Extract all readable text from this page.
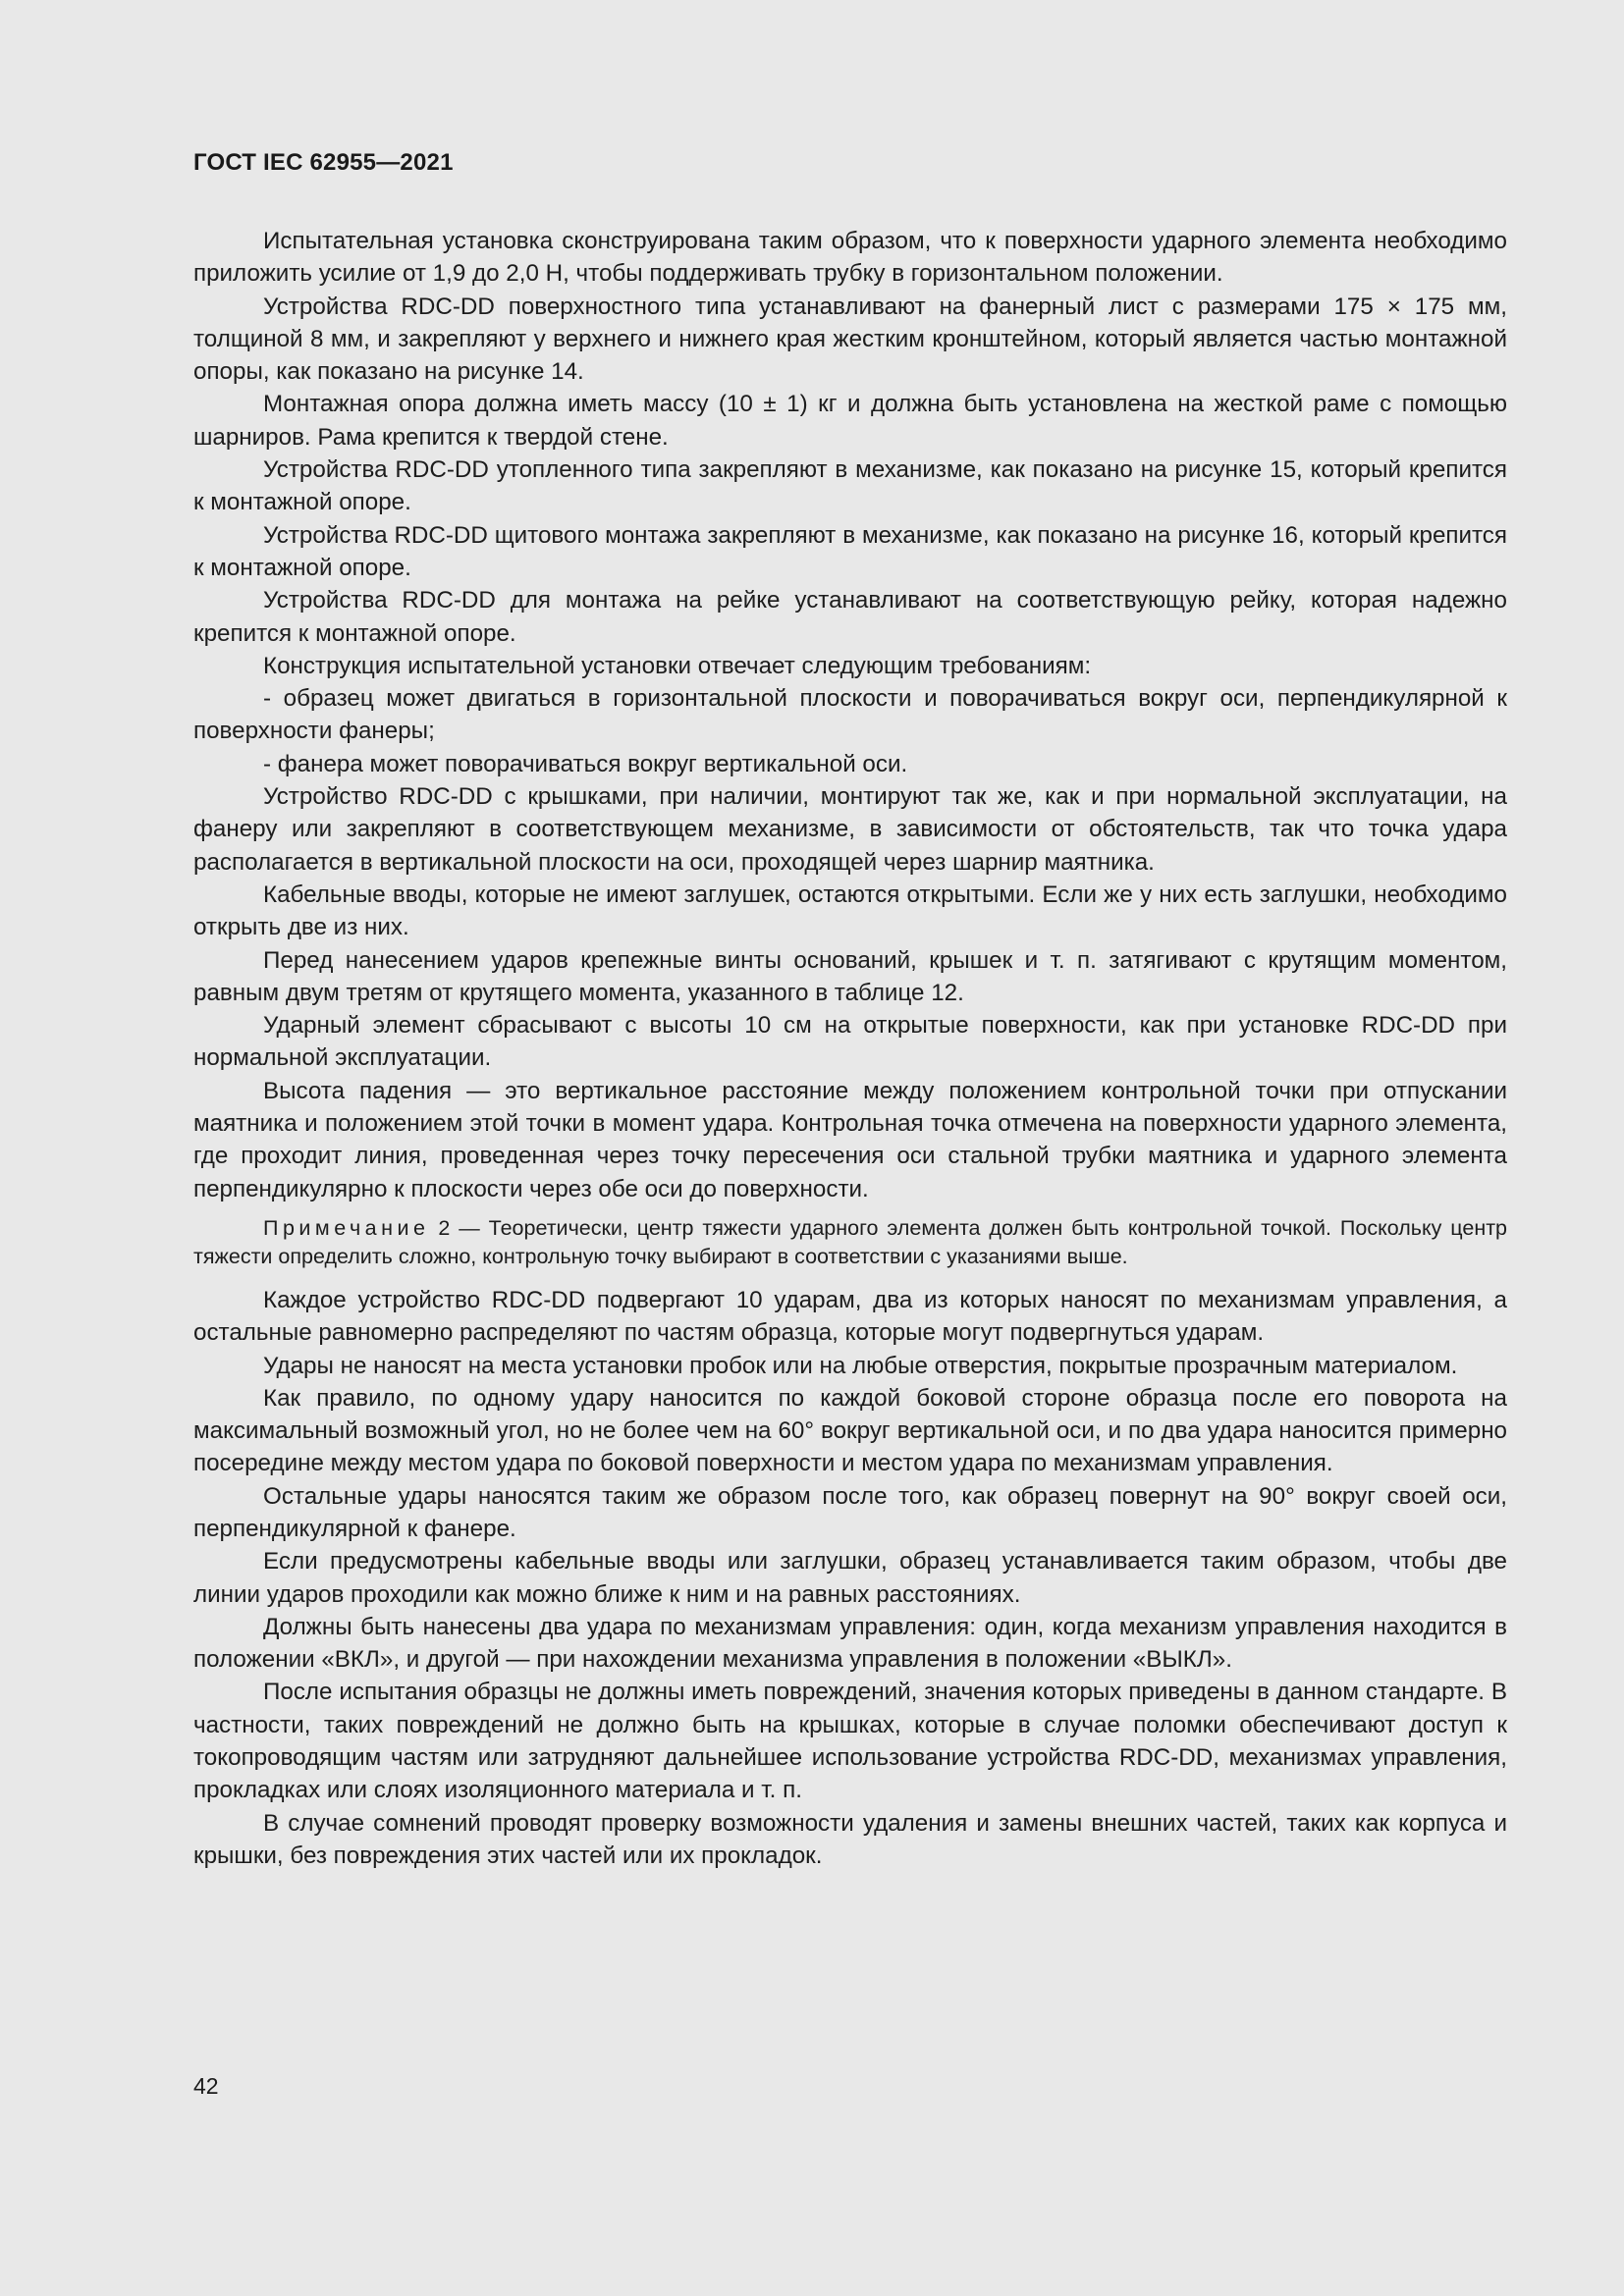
ГОСТ IEC 62955—2021

Испытательная установка сконструирована таким образом, что к поверхности ударного элемента необходимо приложить усилие от 1,9 до 2,0 Н, чтобы поддерживать трубку в горизонтальном положении.

Устройства RDC-DD поверхностного типа устанавливают на фанерный лист с размерами 175 × 175 мм, толщиной 8 мм, и закрепляют у верхнего и нижнего края жестким кронштейном, который является частью монтажной опоры, как показано на рисунке 14.

Монтажная опора должна иметь массу (10 ± 1) кг и должна быть установлена на жесткой раме с помощью шарниров. Рама крепится к твердой стене.

Устройства RDC-DD утопленного типа закрепляют в механизме, как показано на рисунке 15, который крепится к монтажной опоре.

Устройства RDC-DD щитового монтажа закрепляют в механизме, как показано на рисунке 16, который крепится к монтажной опоре.

Устройства RDC-DD для монтажа на рейке устанавливают на соответствующую рейку, которая надежно крепится к монтажной опоре.

Конструкция испытательной установки отвечает следующим требованиям:

- образец может двигаться в горизонтальной плоскости и поворачиваться вокруг оси, перпендикулярной к поверхности фанеры;

- фанера может поворачиваться вокруг вертикальной оси.

Устройство RDC-DD с крышками, при наличии, монтируют так же, как и при нормальной эксплуатации, на фанеру или закрепляют в соответствующем механизме, в зависимости от обстоятельств, так что точка удара располагается в вертикальной плоскости на оси, проходящей через шарнир маятника.

Кабельные вводы, которые не имеют заглушек, остаются открытыми. Если же у них есть заглушки, необходимо открыть две из них.

Перед нанесением ударов крепежные винты оснований, крышек и т. п. затягивают с крутящим моментом, равным двум третям от крутящего момента, указанного в таблице 12.

Ударный элемент сбрасывают с высоты 10 см на открытые поверхности, как при установке RDC-DD при нормальной эксплуатации.

Высота падения — это вертикальное расстояние между положением контрольной точки при отпускании маятника и положением этой точки в момент удара. Контрольная точка отмечена на поверхности ударного элемента, где проходит линия, проведенная через точку пересечения оси стальной трубки маятника и ударного элемента перпендикулярно к плоскости через обе оси до поверхности.

Примечание 2 — Теоретически, центр тяжести ударного элемента должен быть контрольной точкой. Поскольку центр тяжести определить сложно, контрольную точку выбирают в соответствии с указаниями выше.

Каждое устройство RDC-DD подвергают 10 ударам, два из которых наносят по механизмам управления, а остальные равномерно распределяют по частям образца, которые могут подвергнуться ударам.

Удары не наносят на места установки пробок или на любые отверстия, покрытые прозрачным материалом.

Как правило, по одному удару наносится по каждой боковой стороне образца после его поворота на максимальный возможный угол, но не более чем на 60° вокруг вертикальной оси, и по два удара наносится примерно посередине между местом удара по боковой поверхности и местом удара по механизмам управления.

Остальные удары наносятся таким же образом после того, как образец повернут на 90° вокруг своей оси, перпендикулярной к фанере.

Если предусмотрены кабельные вводы или заглушки, образец устанавливается таким образом, чтобы две линии ударов проходили как можно ближе к ним и на равных расстояниях.

Должны быть нанесены два удара по механизмам управления: один, когда механизм управления находится в положении «ВКЛ», и другой — при нахождении механизма управления в положении «ВЫКЛ».

После испытания образцы не должны иметь повреждений, значения которых приведены в данном стандарте. В частности, таких повреждений не должно быть на крышках, которые в случае поломки обеспечивают доступ к токопроводящим частям или затрудняют дальнейшее использование устройства RDC-DD, механизмах управления, прокладках или слоях изоляционного материала и т. п.

В случае сомнений проводят проверку возможности удаления и замены внешних частей, таких как корпуса и крышки, без повреждения этих частей или их прокладок.

42
